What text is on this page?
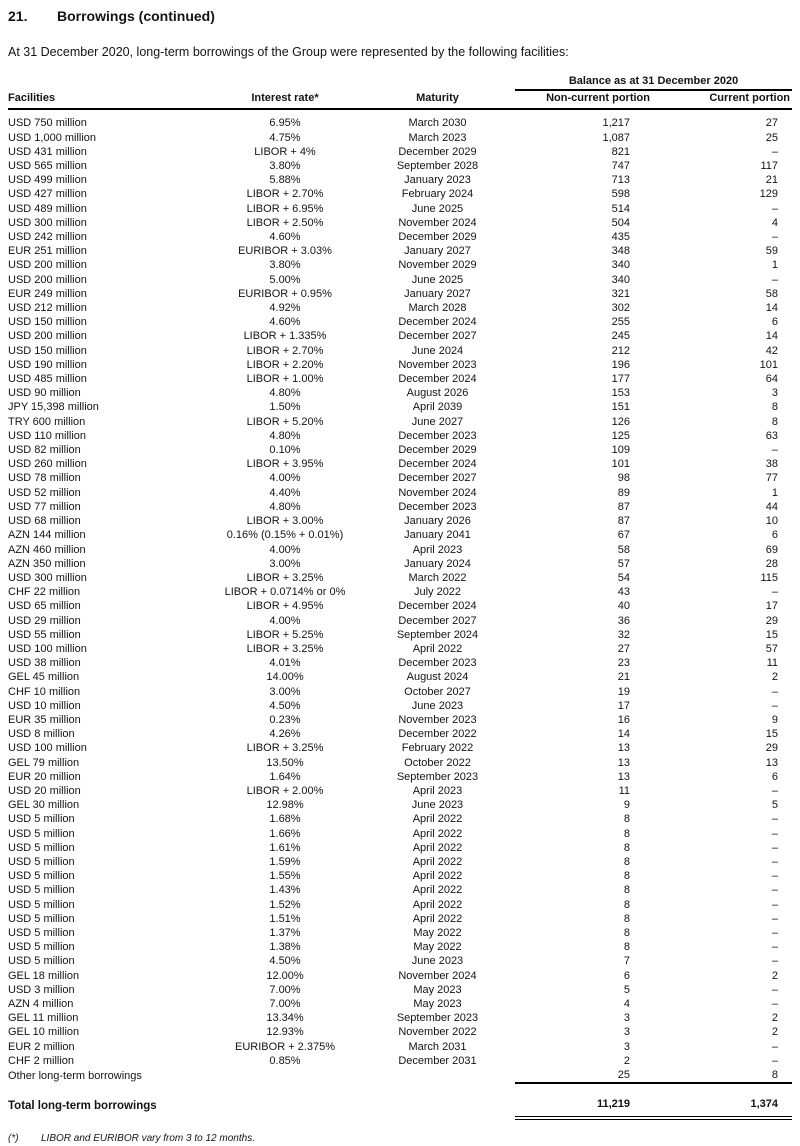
21. Borrowings (continued)

At 31 December 2020, long-term borrowings of the Group were represented by the following facilities:

			Balance as at 31 December 2020	
Facilities	Interest rate*	Maturity	Non-current portion	Current portion
USD 750 million	6.95%	March 2030	1,217	27
USD 1,000 million	4.75%	March 2023	1,087	25
USD 431 million	LIBOR + 4%	December 2029	821	–
USD 565 million	3.80%	September 2028	747	117
USD 499 million	5.88%	January 2023	713	21
USD 427 million	LIBOR + 2.70%	February 2024	598	129
USD 489 million	LIBOR + 6.95%	June 2025	514	–
USD 300 million	LIBOR + 2.50%	November 2024	504	4
USD 242 million	4.60%	December 2029	435	–
EUR 251 million	EURIBOR + 3.03%	January 2027	348	59
USD 200 million	3.80%	November 2029	340	1
USD 200 million	5.00%	June 2025	340	–
EUR 249 million	EURIBOR + 0.95%	January 2027	321	58
USD 212 million	4.92%	March 2028	302	14
USD 150 million	4.60%	December 2024	255	6
USD 200 million	LIBOR + 1.335%	December 2027	245	14
USD 150 million	LIBOR + 2.70%	June 2024	212	42
USD 190 million	LIBOR + 2.20%	November 2023	196	101
USD 485 million	LIBOR + 1.00%	December 2024	177	64
USD 90 million	4.80%	August 2026	153	3
JPY 15,398 million	1.50%	April 2039	151	8
TRY 600 million	LIBOR + 5.20%	June 2027	126	8
USD 110 million	4.80%	December 2023	125	63
USD 82 million	0.10%	December 2029	109	–
USD 260 million	LIBOR + 3.95%	December 2024	101	38
USD 78 million	4.00%	December 2027	98	77
USD 52 million	4.40%	November 2024	89	1
USD 77 million	4.80%	December 2023	87	44
USD 68 million	LIBOR + 3.00%	January 2026	87	10
AZN 144 million	0.16% (0.15% + 0.01%)	January 2041	67	6
AZN 460 million	4.00%	April 2023	58	69
AZN 350 million	3.00%	January 2024	57	28
USD 300 million	LIBOR + 3.25%	March 2022	54	115
CHF 22 million	LIBOR + 0.0714% or 0%	July 2022	43	–
USD 65 million	LIBOR + 4.95%	December 2024	40	17
USD 29 million	4.00%	December 2027	36	29
USD 55 million	LIBOR + 5.25%	September 2024	32	15
USD 100 million	LIBOR + 3.25%	April 2022	27	57
USD 38 million	4.01%	December 2023	23	11
GEL 45 million	14.00%	August 2024	21	2
CHF 10 million	3.00%	October 2027	19	–
USD 10 million	4.50%	June 2023	17	–
EUR 35 million	0.23%	November 2023	16	9
USD 8 million	4.26%	December 2022	14	15
USD 100 million	LIBOR + 3.25%	February 2022	13	29
GEL 79 million	13.50%	October 2022	13	13
EUR 20 million	1.64%	September 2023	13	6
USD 20 million	LIBOR + 2.00%	April 2023	11	–
GEL 30 million	12.98%	June 2023	9	5
USD 5 million	1.68%	April 2022	8	–
USD 5 million	1.66%	April 2022	8	–
USD 5 million	1.61%	April 2022	8	–
USD 5 million	1.59%	April 2022	8	–
USD 5 million	1.55%	April 2022	8	–
USD 5 million	1.43%	April 2022	8	–
USD 5 million	1.52%	April 2022	8	–
USD 5 million	1.51%	April 2022	8	–
USD 5 million	1.37%	May 2022	8	–
USD 5 million	1.38%	May 2022	8	–
USD 5 million	4.50%	June 2023	7	–
GEL 18 million	12.00%	November 2024	6	2
USD 3 million	7.00%	May 2023	5	–
AZN 4 million	7.00%	May 2023	4	–
GEL 11 million	13.34%	September 2023	3	2
GEL 10 million	12.93%	November 2022	3	2
EUR 2 million	EURIBOR + 2.375%	March 2031	3	–
CHF 2 million	0.85%	December 2031	2	–
Other long-term borrowings			25	8
Total long-term borrowings			11,219	1,374

(*) LIBOR and EURIBOR vary from 3 to 12 months.
